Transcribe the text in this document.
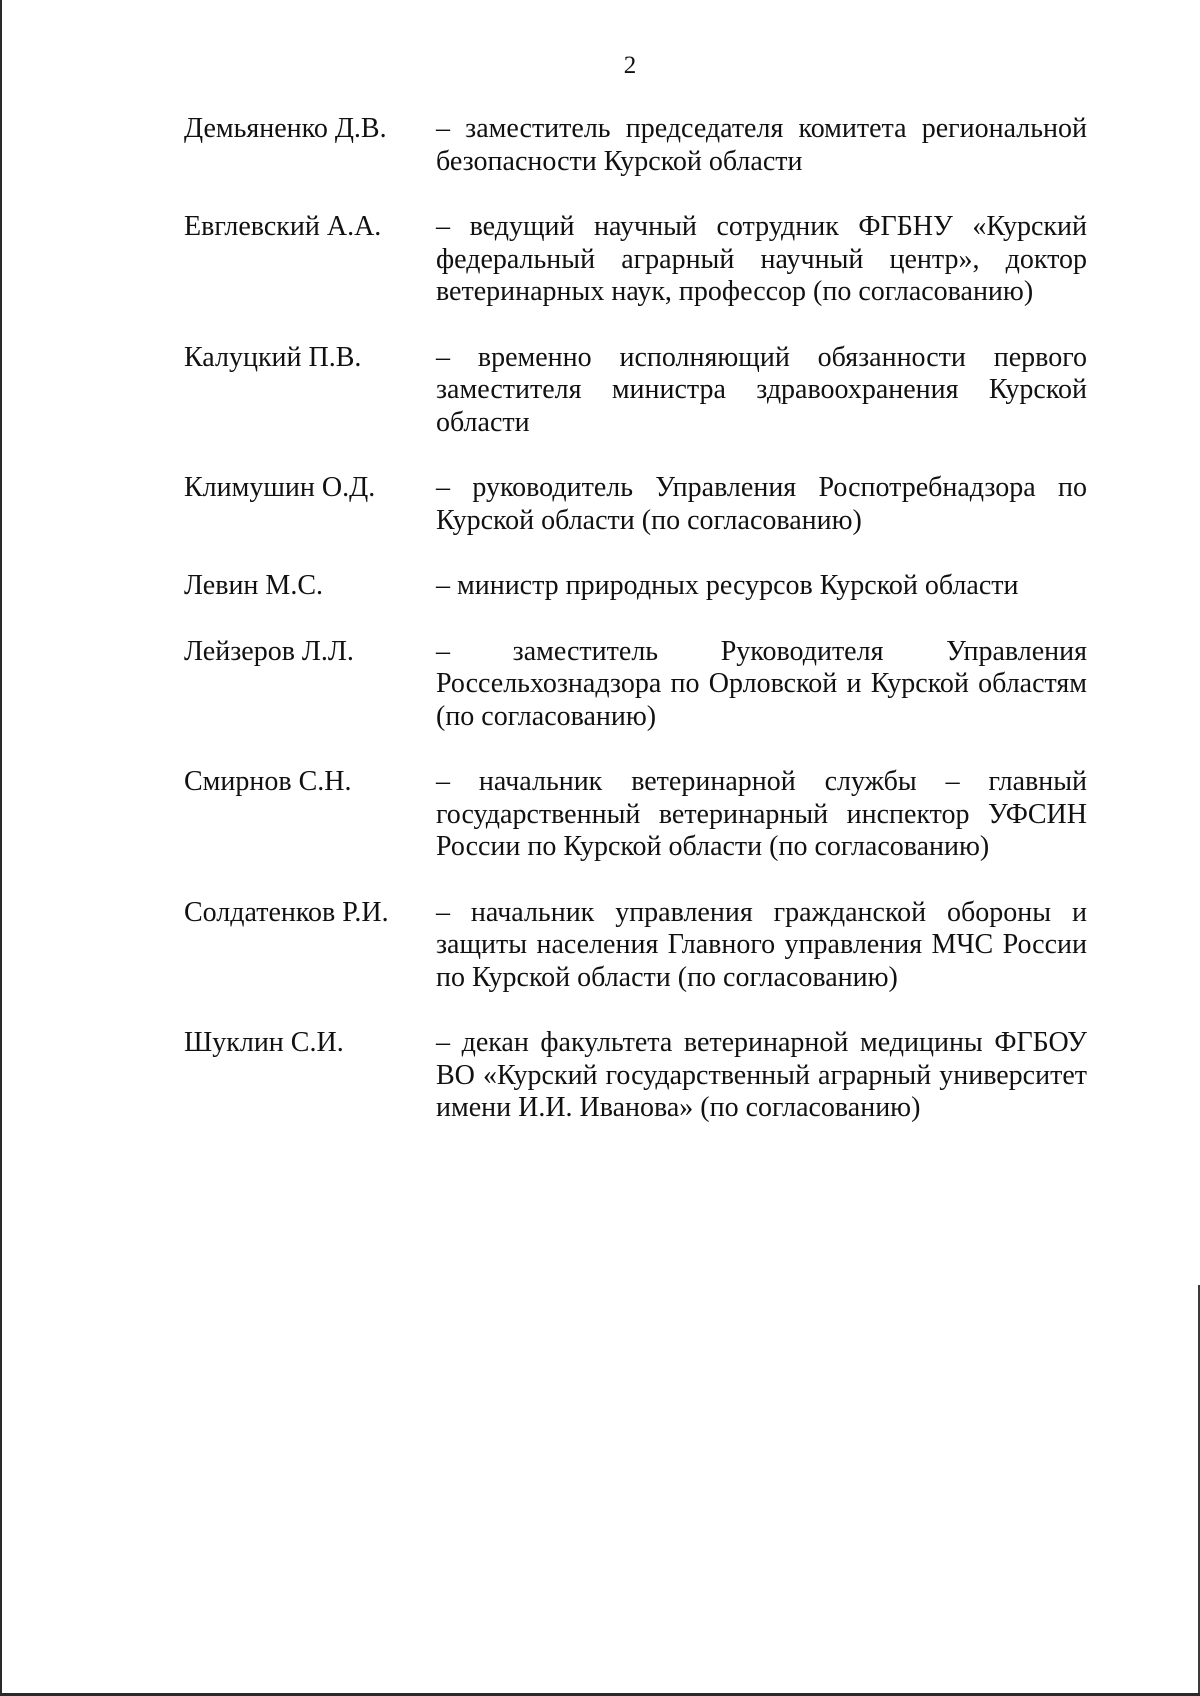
2
Демьяненко Д.В.	– заместитель председателя комитета региональной безопасности Курской области
Евглевский А.А.	– ведущий научный сотрудник ФГБНУ «Курский федеральный аграрный научный центр», доктор ветеринарных наук, профессор (по согласованию)
Калуцкий П.В.	– временно исполняющий обязанности первого заместителя министра здравоохранения Курской области
Климушин О.Д.	– руководитель Управления Роспотребнадзора по Курской области (по согласованию)
Левин М.С.	– министр природных ресурсов Курской области
Лейзеров Л.Л.	– заместитель Руководителя Управления Россельхознадзора по Орловской и Курской областям (по согласованию)
Смирнов С.Н.	– начальник ветеринарной службы – главный государственный ветеринарный инспектор УФСИН России по Курской области (по согласованию)
Солдатенков Р.И.	– начальник управления гражданской обороны и защиты населения Главного управления МЧС России по Курской области (по согласованию)
Шуклин С.И.	– декан факультета ветеринарной медицины ФГБОУ ВО «Курский государственный аграрный университет имени И.И. Иванова» (по согласованию)
